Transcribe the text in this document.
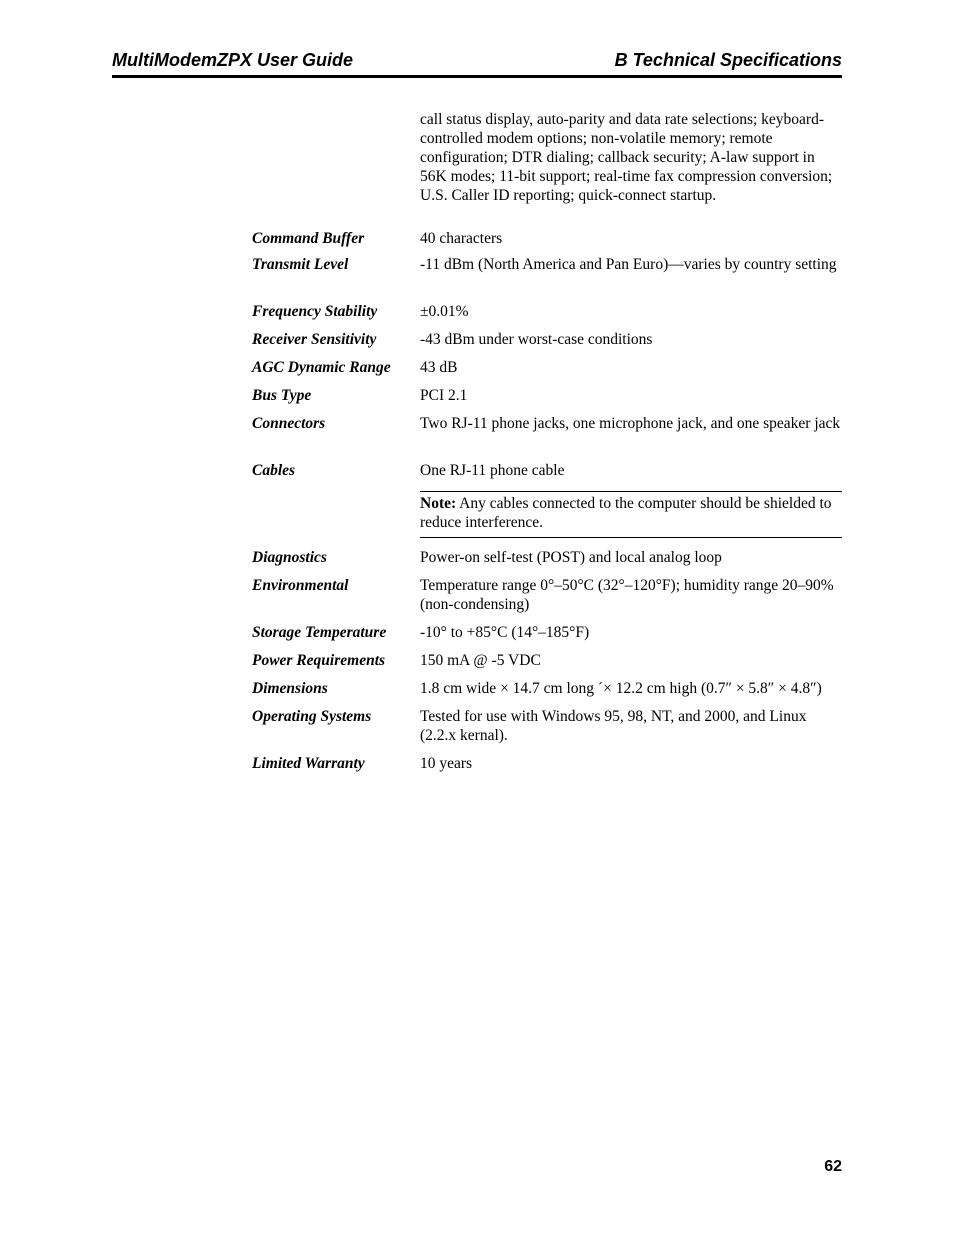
MultiModemZPX User Guide	B Technical Specifications
call status display, auto-parity and data rate selections; keyboard-controlled modem options; non-volatile memory; remote configuration; DTR dialing; callback security; A-law support in 56K modes; 11-bit support; real-time fax compression conversion; U.S. Caller ID reporting; quick-connect startup.
Command Buffer	40 characters
Transmit Level	-11 dBm (North America and Pan Euro)—varies by country setting
Frequency Stability	±0.01%
Receiver Sensitivity	-43 dBm under worst-case conditions
AGC Dynamic Range	43 dB
Bus Type	PCI 2.1
Connectors	Two RJ-11 phone jacks, one microphone jack, and one speaker jack
Cables	One RJ-11 phone cable
Note: Any cables connected to the computer should be shielded to reduce interference.
Diagnostics	Power-on self-test (POST) and local analog loop
Environmental	Temperature range 0°–50°C (32°–120°F); humidity range 20–90% (non-condensing)
Storage Temperature	-10° to +85°C (14°–185°F)
Power Requirements	150 mA @ -5 VDC
Dimensions	1.8 cm wide × 14.7 cm long ´× 12.2 cm high (0.7″ × 5.8″ × 4.8″)
Operating Systems	Tested for use with Windows 95, 98, NT, and 2000, and Linux (2.2.x kernal).
Limited Warranty	10 years
62
